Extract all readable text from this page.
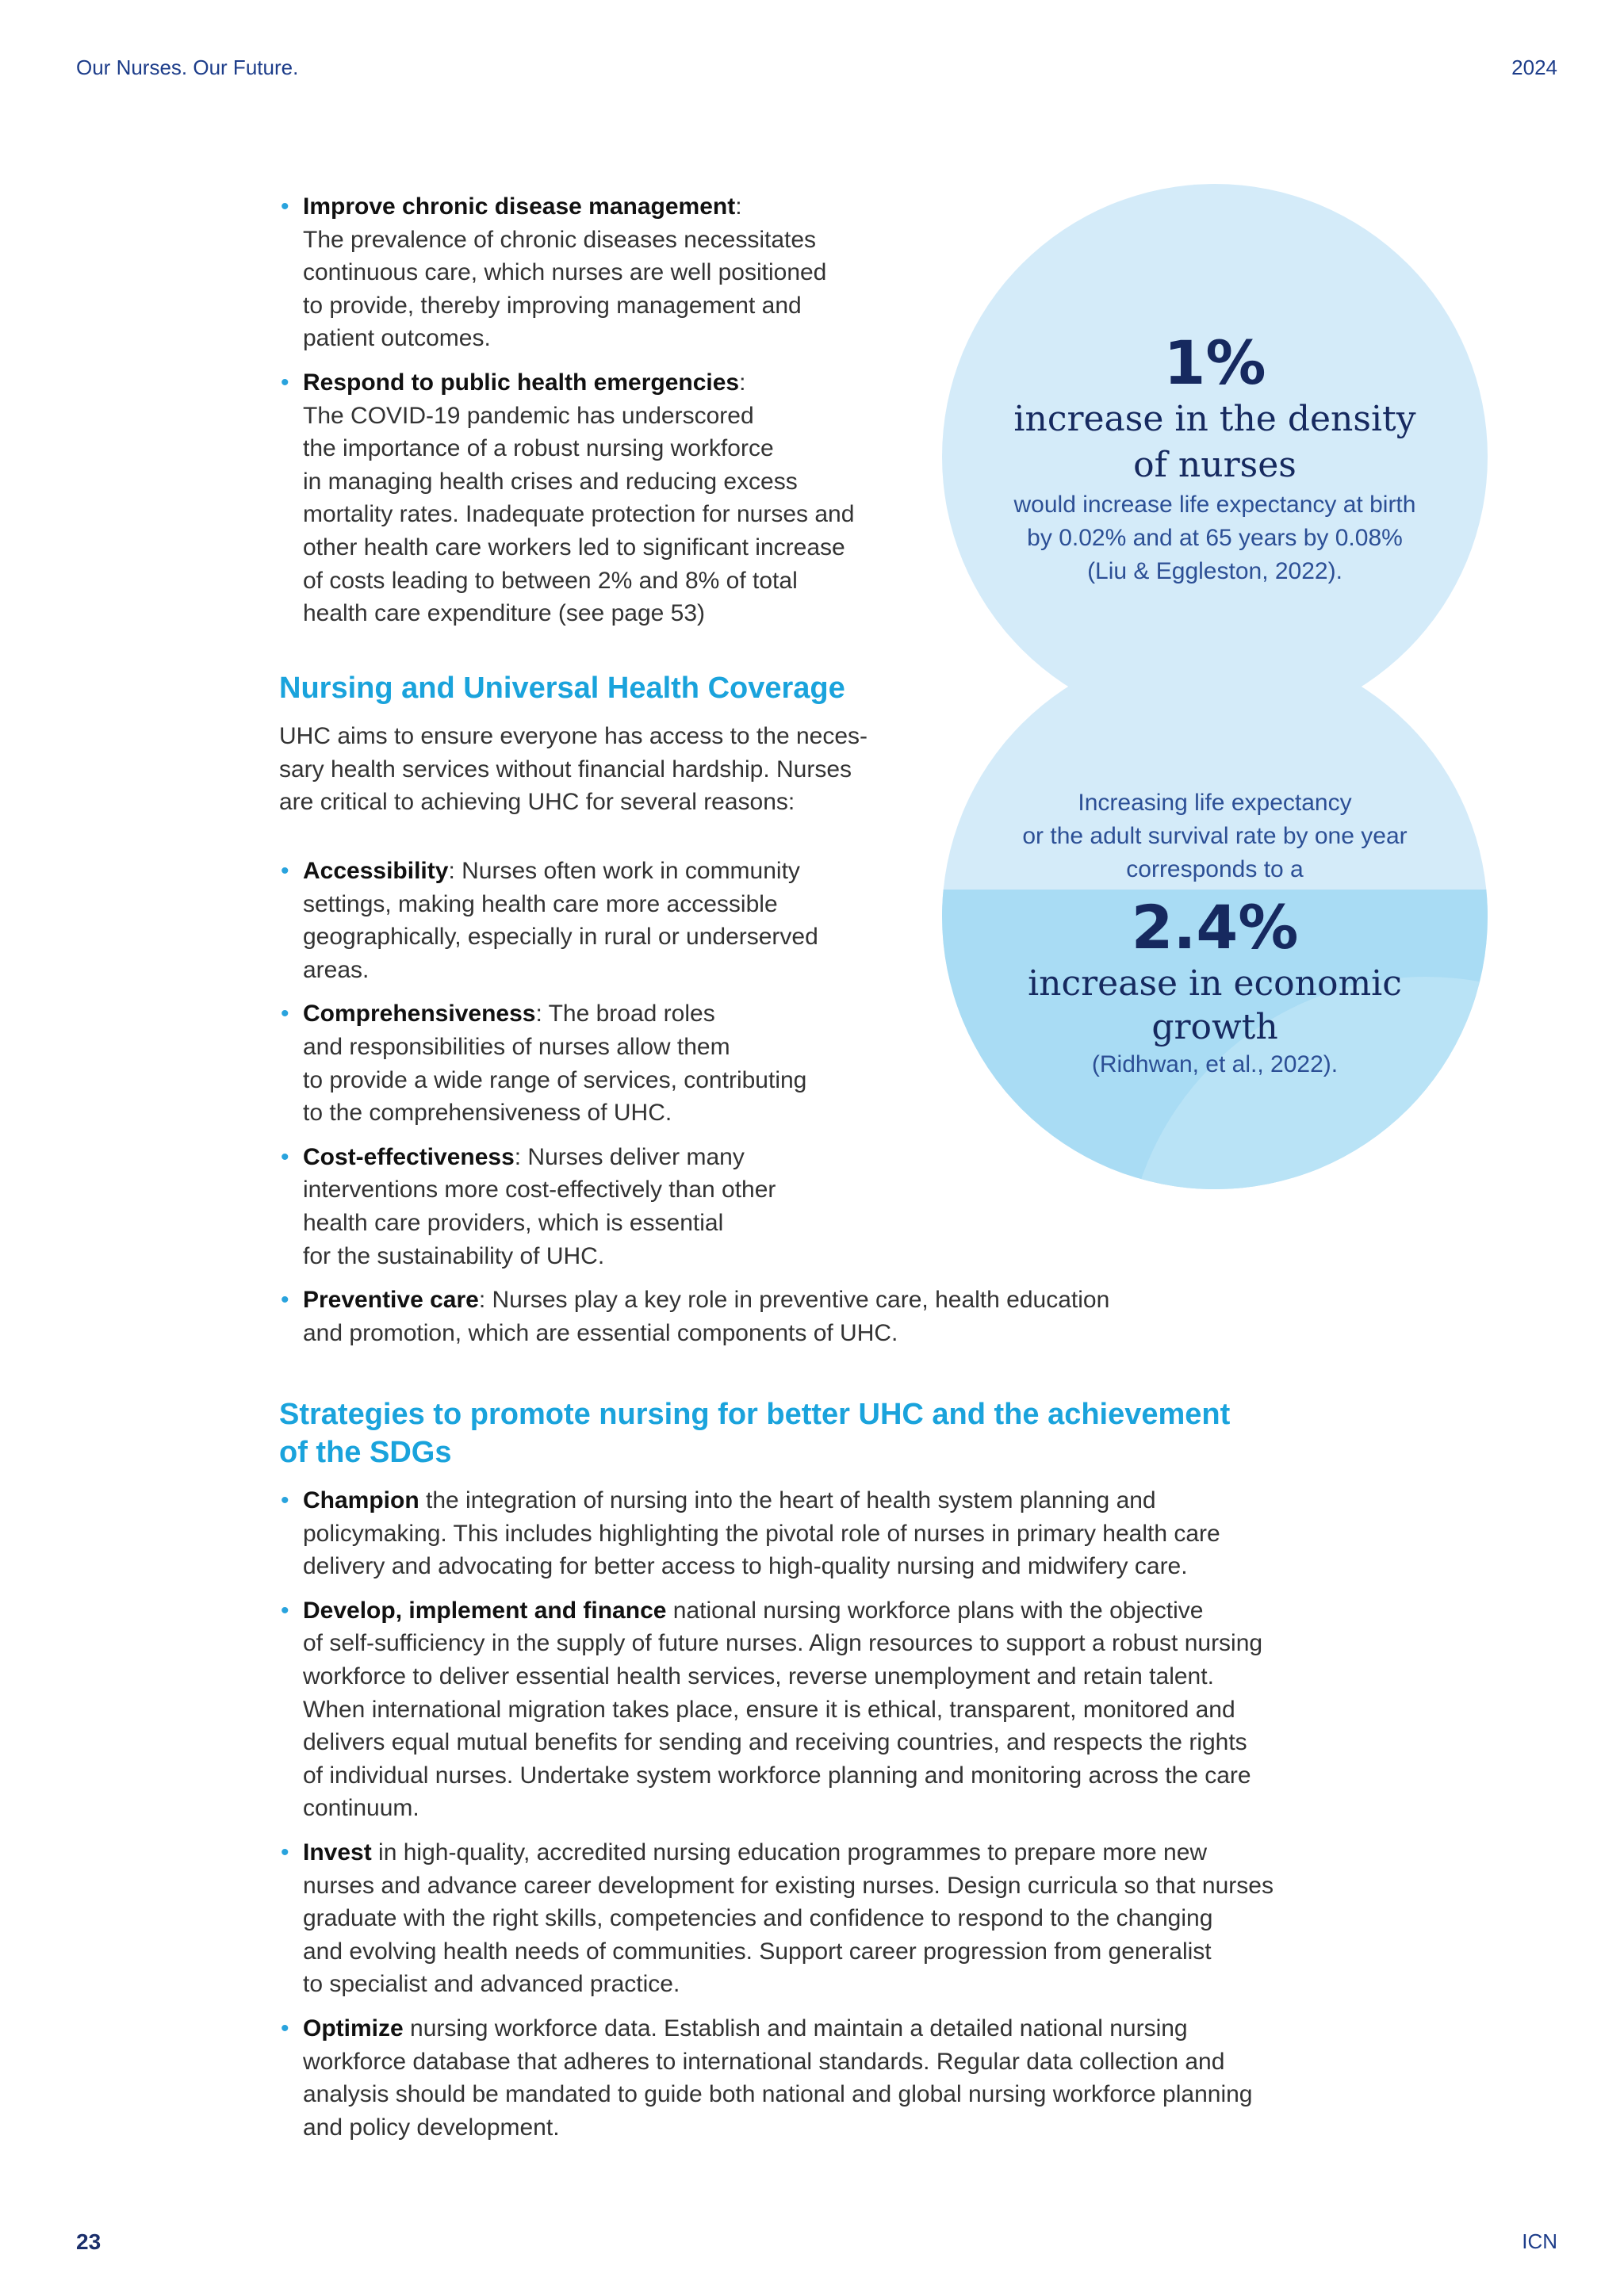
Our Nurses. Our Future.	2024
23	ICN
1%
increase in the density
of nurses
would increase life expectancy at birth
by 0.02% and at 65 years by 0.08%
(Liu & Eggleston, 2022).
Increasing life expectancy
or the adult survival rate by one year
corresponds to a
2.4%
increase in economic
growth
(Ridhwan, et al., 2022).
• Improve chronic disease management:
The prevalence of chronic diseases necessitates
continuous care, which nurses are well positioned
to provide, thereby improving management and
patient outcomes.
• Respond to public health emergencies:
The COVID-19 pandemic has underscored
the importance of a robust nursing workforce
in managing health crises and reducing excess
mortality rates. Inadequate protection for nurses and
other health care workers led to significant increase
of costs leading to between 2% and 8% of total
health care expenditure (see page 53)
Nursing and Universal Health Coverage
UHC aims to ensure everyone has access to the neces-
sary health services without financial hardship. Nurses
are critical to achieving UHC for several reasons:
• Accessibility: Nurses often work in community
settings, making health care more accessible
geographically, especially in rural or underserved
areas.
• Comprehensiveness: The broad roles
and responsibilities of nurses allow them
to provide a wide range of services, contributing
to the comprehensiveness of UHC.
• Cost-effectiveness: Nurses deliver many
interventions more cost-effectively than other
health care providers, which is essential
for the sustainability of UHC.
• Preventive care: Nurses play a key role in preventive care, health education
and promotion, which are essential components of UHC.
Strategies to promote nursing for better UHC and the achievement
of the SDGs
• Champion the integration of nursing into the heart of health system planning and
policymaking. This includes highlighting the pivotal role of nurses in primary health care
delivery and advocating for better access to high-quality nursing and midwifery care.
• Develop, implement and finance national nursing workforce plans with the objective
of self-sufficiency in the supply of future nurses. Align resources to support a robust nursing
workforce to deliver essential health services, reverse unemployment and retain talent.
When international migration takes place, ensure it is ethical, transparent, monitored and
delivers equal mutual benefits for sending and receiving countries, and respects the rights
of individual nurses. Undertake system workforce planning and monitoring across the care
continuum.
• Invest in high-quality, accredited nursing education programmes to prepare more new
nurses and advance career development for existing nurses. Design curricula so that nurses
graduate with the right skills, competencies and confidence to respond to the changing
and evolving health needs of communities. Support career progression from generalist
to specialist and advanced practice.
• Optimize nursing workforce data. Establish and maintain a detailed national nursing
workforce database that adheres to international standards. Regular data collection and
analysis should be mandated to guide both national and global nursing workforce planning
and policy development.
